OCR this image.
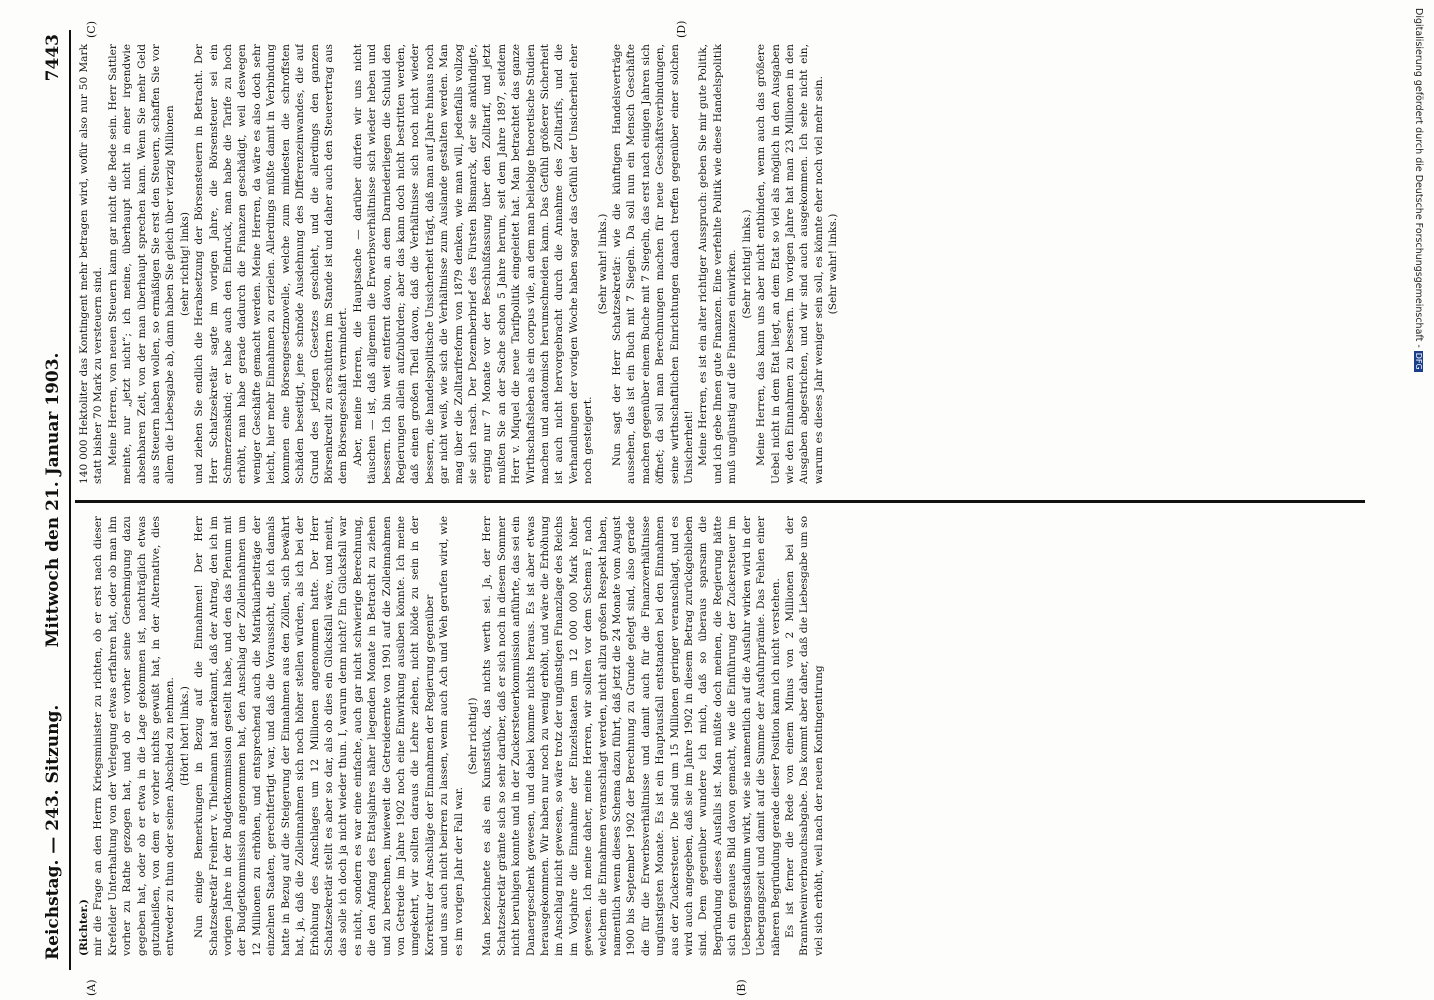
Reichstag. — 243. Sitzung.
Mittwoch den 21. Januar 1903.
7443
(A)	(B)
(C)	(D)

(Richter.) mir die Frage an den Herrn Kriegsminister zu richten, ob er erst nach dieser Krefelder Unterhaltung von der Verlegung etwas erfahren hat, oder ob man ihn vorher zu Rathe gezogen hat, und ob er vorher seine Genehmigung dazu gegeben hat, oder ob er etwa in die Lage gekommen ist, nachträglich etwas gutzuheißen, von dem er vorher nichts gewußt hat, in der Alternative, dies entweder zu thun oder seinen Abschied zu nehmen. (Hört! hört! links.) Nun einige Bemerkungen in Bezug auf die Einnahmen! Der Herr Schatzsekretär Freiherr v. Thielmann hat anerkannt, daß der Antrag, den ich im vorigen Jahre in der Budgetkommission gestellt habe, und den das Plenum mit der Budgetkommission angenommen hat, den Anschlag der Zolleinnahmen um 12 Millionen zu erhöhen, und entsprechend auch die Matrikularbeiträge der einzelnen Staaten, gerechtfertigt war, und daß die Voraussicht, die ich damals hatte in Bezug auf die Steigerung der Einnahmen aus den Zöllen, sich bewährt hat, ja, daß die Zolleinnahmen sich noch höher stellen würden, als ich bei der Erhöhung des Anschlages um 12 Millionen angenommen hatte. Der Herr Schatzsekretär stellt es aber so dar, als ob dies ein Glücksfall wäre, und meint, das solle ich doch ja nicht wieder thun. I, warum denn nicht? Ein Glücksfall war es nicht, sondern es war eine einfache, auch gar nicht schwierige Berechnung, die den Anfang des Etatsjahres näher liegenden Monate in Betracht zu ziehen und zu berechnen, inwieweit die Getreideernte von 1901 auf die Zolleinnahmen von Getreide im Jahre 1902 noch eine Einwirkung ausüben könnte. Ich meine umgekehrt, wir sollten daraus die Lehre ziehen, nicht blöde zu sein in der Korrektur der Anschläge der Einnahmen der Regierung gegenüber und uns auch nicht beirren zu lassen, wenn auch Ach und Weh gerufen wird, wie es im vorigen Jahr der Fall war.

(Sehr richtig!) Man bezeichnete es als ein Kunststück, das nichts werth sei. Ja, der Herr Schatzsekretär grämte sich so sehr darüber, daß er sich noch in diesem Sommer nicht beruhigen konnte und in der Zuckersteuerkommission anführte, das sei ein Danaergeschenk gewesen, und dabei komme nichts heraus. Es ist aber etwas herausgekommen. Wir haben nur noch zu wenig erhöht, und wäre die Erhöhung im Anschlag nicht gewesen, so wäre trotz der ungünstigen Finanzlage des Reichs im Vorjahre die Einnahme der Einzelstaaten um 12 000 000 Mark höher gewesen. Ich meine daher, meine Herren, wir sollten vor dem Schema F, nach welchem die Einnahmen veranschlagt werden, nicht allzu großen Respekt haben, namentlich wenn dieses Schema dazu führt, daß jetzt die 24 Monate vom August 1900 bis September 1902 der Berechnung zu Grunde gelegt sind, also gerade die für die Erwerbsverhältnisse und damit auch für die Finanzverhältnisse ungünstigsten Monate. Es ist ein Hauptausfall entstanden bei den Einnahmen aus der Zuckersteuer. Die sind um 15 Millionen geringer veranschlagt, und es wird auch angegeben, daß sie im Jahre 1902 in diesem Betrag zurückgeblieben sind. Dem gegenüber wundere ich mich, daß so überaus sparsam die Begründung dieses Ausfalls ist. Man müßte doch meinen, die Regierung hätte sich ein genaues Bild davon gemacht, wie die Einführung der Zuckersteuer im Uebergangsstadium wirkt, wie sie namentlich auf die Ausfuhr wirken wird in der Uebergangszeit und damit auf die Summe der Ausfuhrprämie. Das Fehlen einer näheren Begründung gerade dieser Position kann ich nicht verstehen. Es ist ferner die Rede von einem Minus von 2 Millionen bei der Branntweinverbrauchsabgabe. Das kommt aber daher, daß die Liebesgabe um so viel sich erhöht, weil nach der neuen Kontingentirung

140 000 Hektoliter das Kontingent mehr betragen wird, wofür also nur 50 Mark statt bisher 70 Mark zu versteuern sind. Meine Herren, von neuen Steuern kann gar nicht die Rede sein. Herr Sattler meinte, nur „jetzt nicht“; ich meine, überhaupt nicht in einer irgendwie absehbaren Zeit, von der man überhaupt sprechen kann. Wenn Sie mehr Geld aus Steuern haben wollen, so ermäßigen Sie erst den Steuern, schaffen Sie vor allem die Liebesgabe ab, dann haben Sie gleich über vierzig Millionen (sehr richtig! links) und ziehen Sie endlich die Herabsetzung der Börsensteuern in Betracht. Der Herr Schatzsekretär sagte im vorigen Jahre, die Börsensteuer sei ein Schmerzenskind; er habe auch den Eindruck, man habe die Tarife zu hoch erhöht, man habe gerade dadurch die Finanzen geschädigt, weil deswegen weniger Geschäfte gemacht werden. Meine Herren, da wäre es also doch sehr leicht, hier mehr Einnahmen zu erzielen. Allerdings müßte damit in Verbindung kommen eine Börsengesetznovelle, welche zum mindesten die schroffsten Schäden beseitigt, jene schnöde Ausdehnung des Differenzeinwandes, die auf Grund des jetzigen Gesetzes geschieht, und die allerdings den ganzen Börsenkredit zu erschüttern im Stande ist und daher auch den Steuerertrag aus dem Börsengeschäft vermindert. Aber, meine Herren, die Hauptsache — darüber dürfen wir uns nicht täuschen — ist, daß allgemein die Erwerbsverhältnisse sich wieder heben und bessern. Ich bin weit entfernt davon, an dem Darniederliegen die Schuld den Regierungen allein aufzubürden; aber das kann doch nicht bestritten werden, daß einen großen Theil davon, daß die Verhältnisse sich noch nicht wieder bessern, die handelspolitische Unsicherheit trägt, daß man auf Jahre hinaus noch gar nicht weiß, wie sich die Verhältnisse zum Auslande gestalten werden. Man mag über die Zolltarifreform von 1879 denken, wie man will, jedenfalls vollzog sie sich rasch. Der Dezemberbrief des Fürsten Bismarck, der sie ankündigte, erging nur 7 Monate vor der Beschlußfassung über den Zolltarif, und jetzt mußten Sie an der Sache schon 5 Jahre herum, seit dem Jahre 1897, seitdem Herr v. Miquel die neue Tarifpolitik eingeleitet hat. Man betrachtet das ganze Wirthschaftsleben als ein corpus vile, an dem man beliebige theoretische Studien machen und anatomisch herumschneiden kann. Das Gefühl größerer Sicherheit ist auch nicht hervorgebracht durch die Annahme des Zolltarifs, und die Verhandlungen der vorigen Woche haben sogar das Gefühl der Unsicherheit eher noch gesteigert.

(Sehr wahr! links.) Nun sagt der Herr Schatzsekretär: wie die künftigen Handelsverträge aussehen, das ist ein Buch mit 7 Siegeln. Da soll nun ein Mensch Geschäfte machen gegenüber einem Buche mit 7 Siegeln, das erst nach einigen Jahren sich öffnet; da soll man Berechnungen machen für neue Geschäftsverbindungen, seine wirthschaftlichen Einrichtungen danach treffen gegenüber einer solchen Unsicherheit! Meine Herren, es ist ein alter richtiger Ausspruch: geben Sie mir gute Politik, und ich gebe Ihnen gute Finanzen. Eine verfehlte Politik wie diese Handelspolitik muß ungünstig auf die Finanzen einwirken. (Sehr richtig! links.) Meine Herren, das kann uns aber nicht entbinden, wenn auch das größere Uebel nicht in dem Etat liegt, an dem Etat so viel als möglich in den Ausgaben wie den Einnahmen zu bessern. Im vorigen Jahre hat man 23 Millionen in den Ausgaben abgestrichen, und wir sind auch ausgekommen. Ich sehe nicht ein, warum es dieses Jahr weniger sein soll, es könnte eher noch viel mehr sein. (Sehr wahr! links.)	Digitalisierung gefördert durch die Deutsche Forschungsgemeinschaft -DFG
